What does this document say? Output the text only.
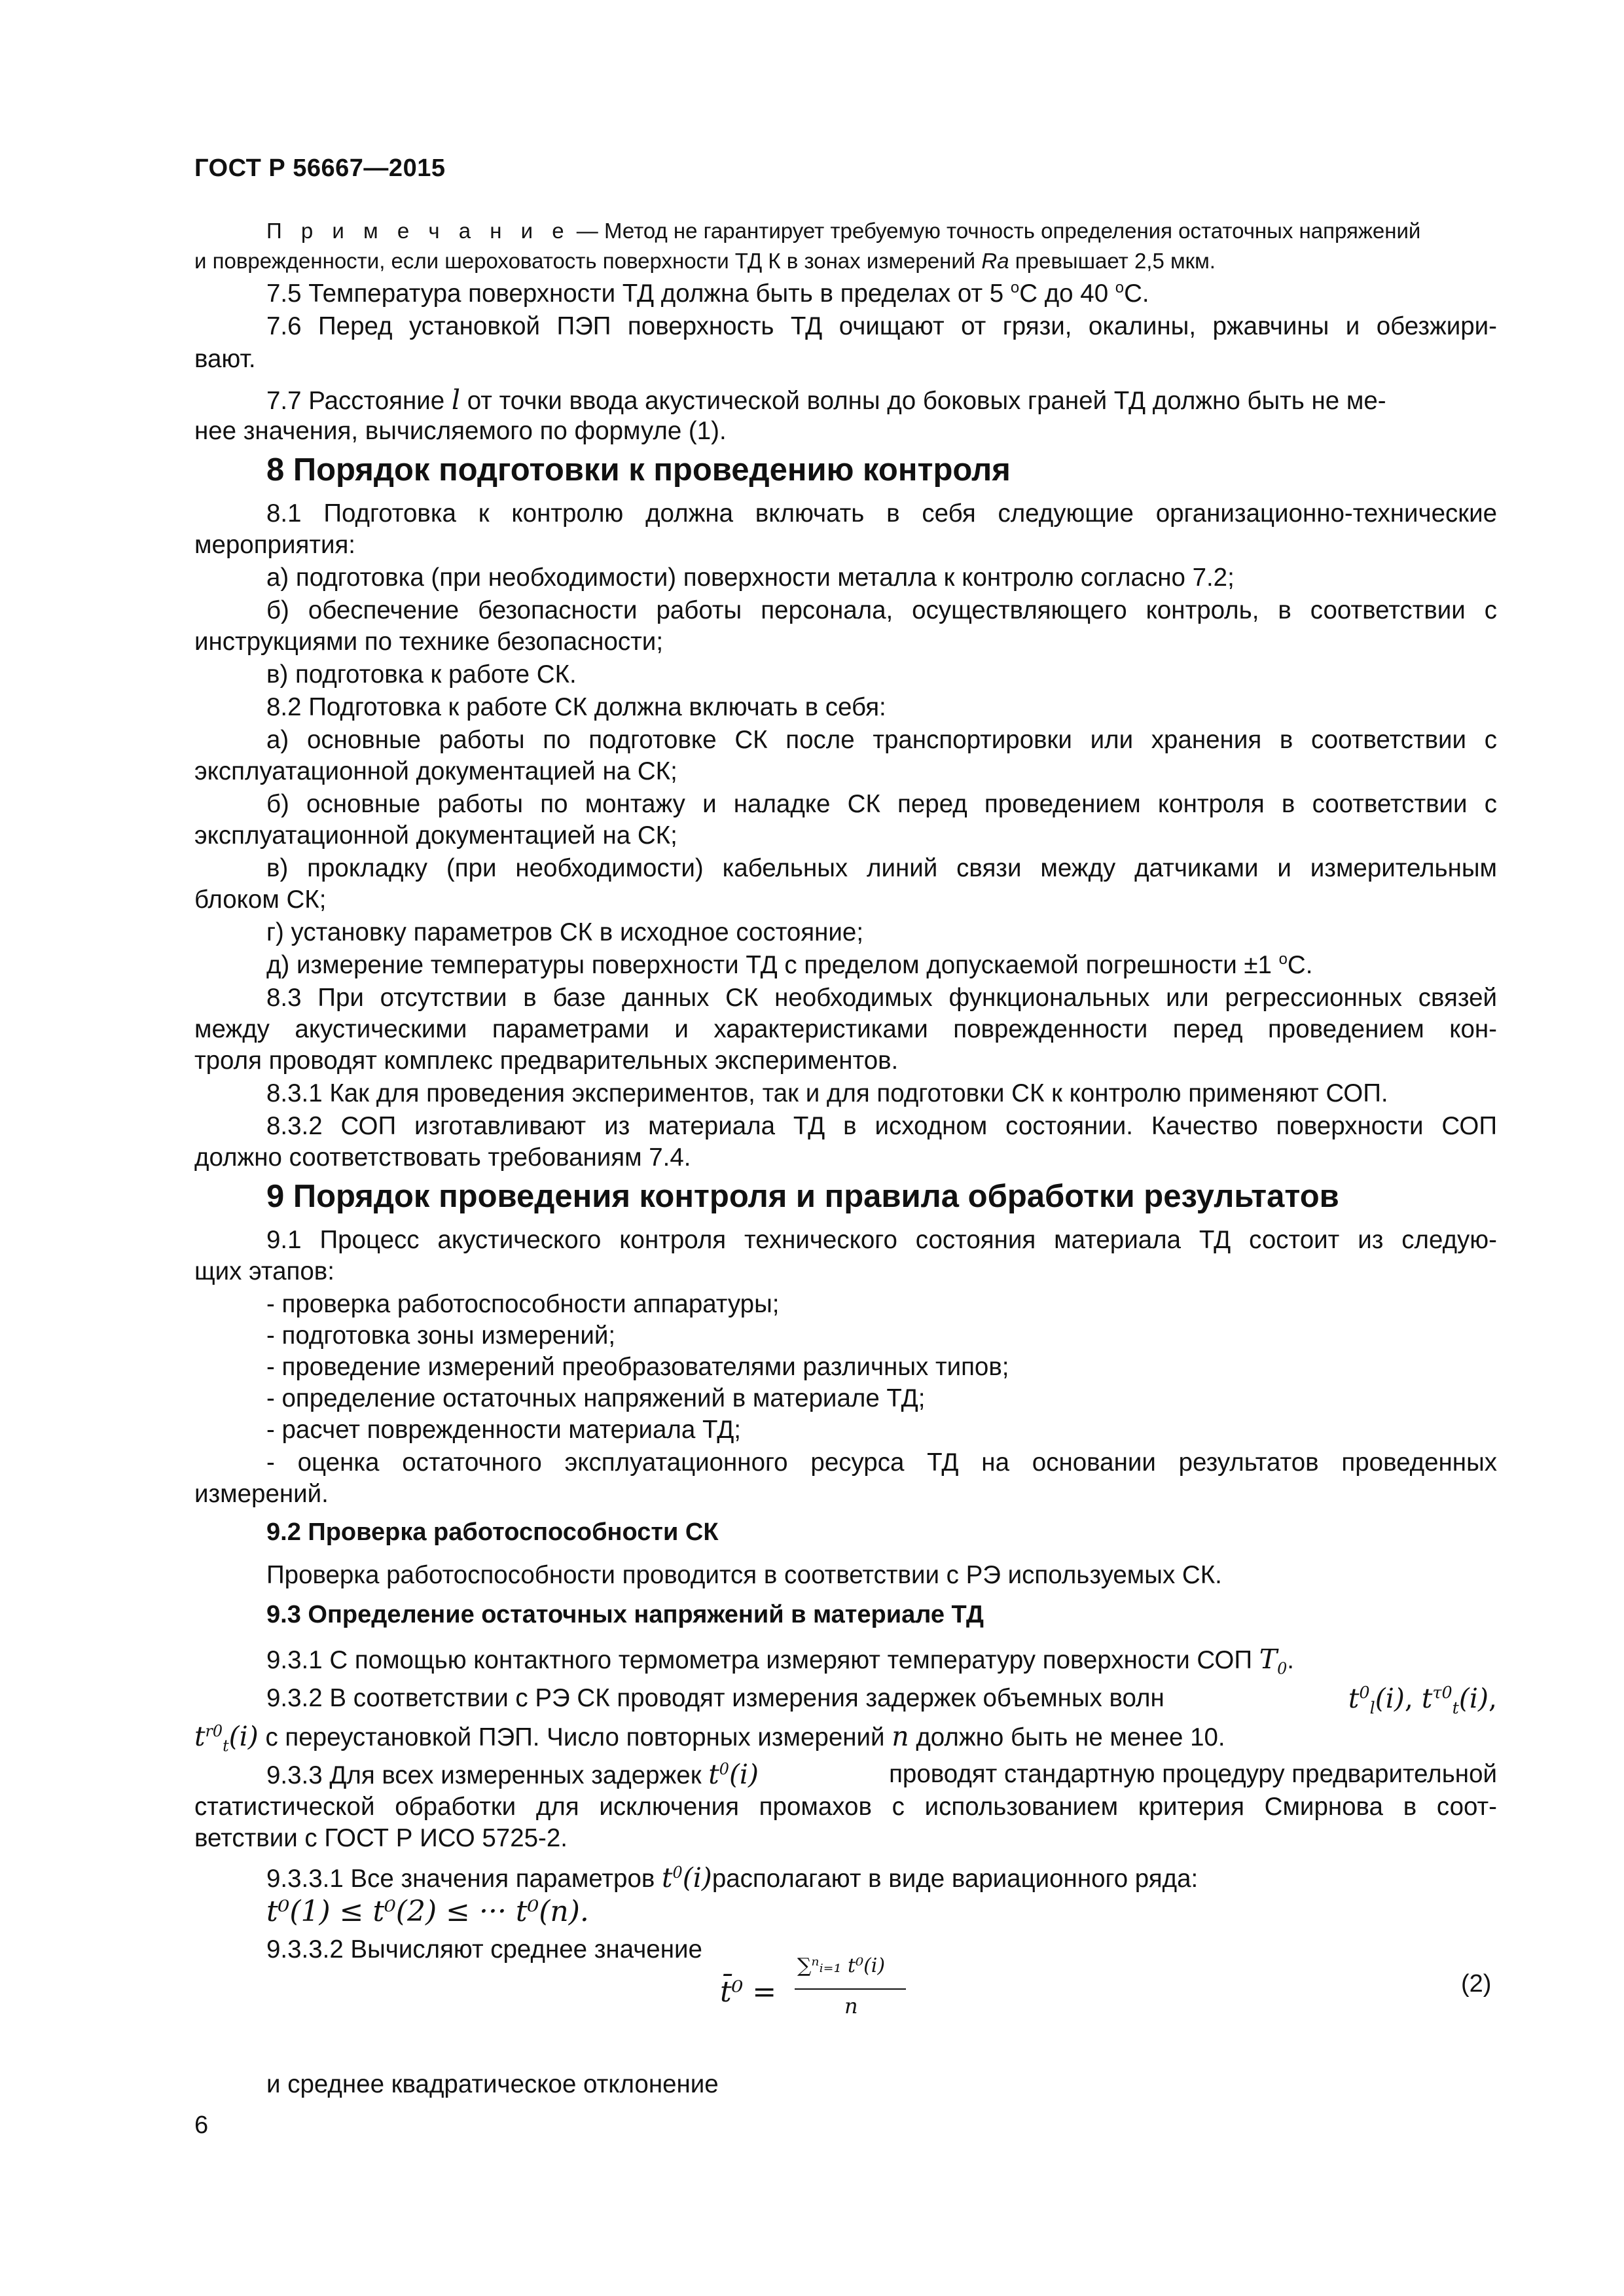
ГОСТ Р 56667—2015
П р и м е ч а н и е — Метод не гарантирует требуемую точность определения остаточных напряжений
и поврежденности, если шероховатость поверхности ТД К в зонах измерений Ra превышает 2,5 мкм.
7.5 Температура поверхности ТД должна быть в пределах от 5 $^о$С до 40 $^о$С.
7.6 Перед установкой ПЭП поверхность ТД очищают от грязи, окалины, ржавчины и обезжири-
вают.
7.7 Расстояние l от точки ввода акустической волны до боковых граней ТД должно быть не ме-
нее значения, вычисляемого по формуле (1).
8 Порядок подготовки к проведению контроля
8.1 Подготовка к контролю должна включать в себя следующие организационно-технические
мероприятия:
а) подготовка (при необходимости) поверхности металла к контролю согласно 7.2;
б) обеспечение безопасности работы персонала, осуществляющего контроль, в соответствии с
инструкциями по технике безопасности;
в) подготовка к работе СК.
8.2 Подготовка к работе СК должна включать в себя:
а) основные работы по подготовке СК после транспортировки или хранения в соответствии с
эксплуатационной документацией на СК;
б) основные работы по монтажу и наладке СК перед проведением контроля в соответствии с
эксплуатационной документацией на СК;
в) прокладку (при необходимости) кабельных линий связи между датчиками и измерительным
блоком СК;
г) установку параметров СК в исходное состояние;
д) измерение температуры поверхности ТД с пределом допускаемой погрешности ±1 $^о$С.
8.3 При отсутствии в базе данных СК необходимых функциональных или регрессионных связей
между акустическими параметрами и характеристиками поврежденности перед проведением кон-
троля проводят комплекс предварительных экспериментов.
8.3.1 Как для проведения экспериментов, так и для подготовки СК к контролю применяют СОП.
8.3.2 СОП изготавливают из материала ТД в исходном состоянии. Качество поверхности СОП
должно соответствовать требованиям 7.4.
9 Порядок проведения контроля и правила обработки результатов
9.1 Процесс акустического контроля технического состояния материала ТД состоит из следую-
щих этапов:
- проверка работоспособности аппаратуры;
- подготовка зоны измерений;
- проведение измерений преобразователями различных типов;
- определение остаточных напряжений в материале ТД;
- расчет поврежденности материала ТД;
- оценка остаточного эксплуатационного ресурса ТД на основании результатов проведенных
измерений.
9.2 Проверка работоспособности СК
Проверка работоспособности проводится в соответствии с РЭ используемых СК.
9.3 Определение остаточных напряжений в материале ТД
9.3.1 С помощью контактного термометра измеряют температуру поверхности СОП $T_0$.
9.3.2 В соответствии с РЭ СК проводят измерения задержек объемных волн	$t^0_l(i)$, $t^{\tau 0}_t(i)$,
$t^{r0}_t(i)$ с переустановкой ПЭП. Число повторных измерений n должно быть не менее 10.
9.3.3 Для всех измеренных задержек $t^0(i)$	проводят стандартную процедуру предварительной
статистической обработки для исключения промахов с использованием критерия Смирнова в соот-
ветствии с ГОСТ Р ИСО 5725-2.
9.3.3.1 Все значения параметров $t^0(i)располагают$ в виде вариационного ряда:
t⁰(1) ≤ t⁰(2) ≤ ··· t⁰(n).
9.3.3.2 Вычисляют среднее значение
t̄⁰ =
∑ⁿᵢ₌₁ t⁰(i)
n
(2)
и среднее квадратическое отклонение
6
